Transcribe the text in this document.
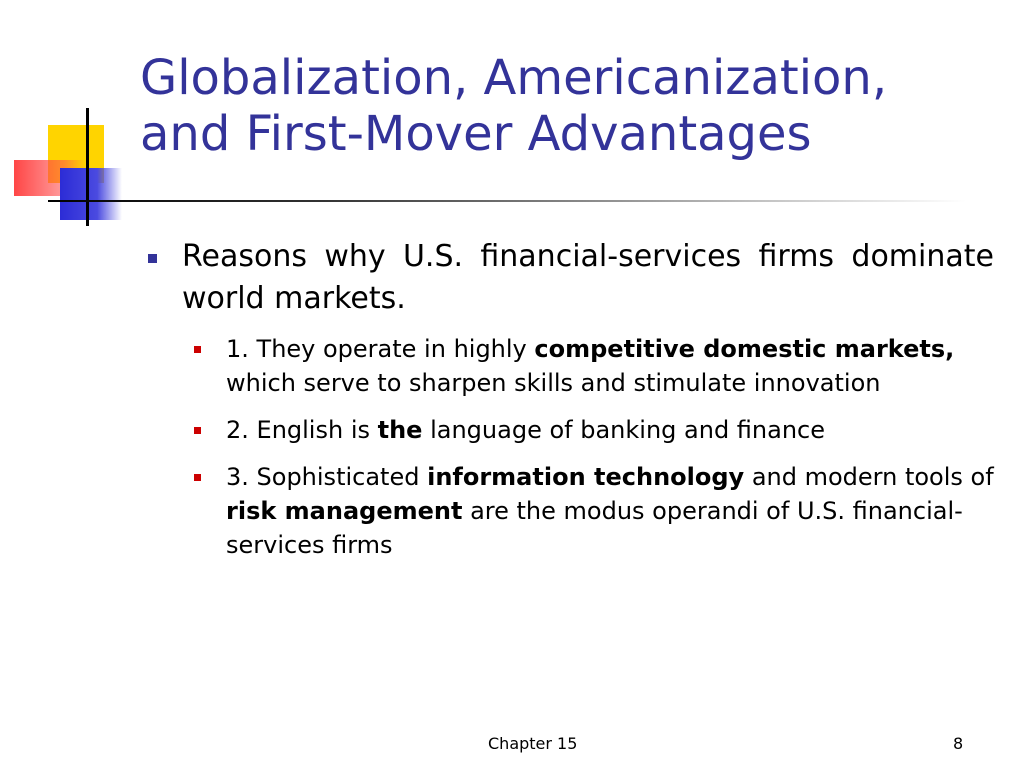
Globalization, Americanization,
and First-Mover Advantages
Reasons why U.S. financial-services firms dominate world markets.
1. They operate in highly competitive domestic markets, which serve to sharpen skills and stimulate innovation
2. English is the language of banking and finance
3. Sophisticated information technology and modern tools of risk management are the modus operandi of U.S. financial-services firms
Chapter 15	8
